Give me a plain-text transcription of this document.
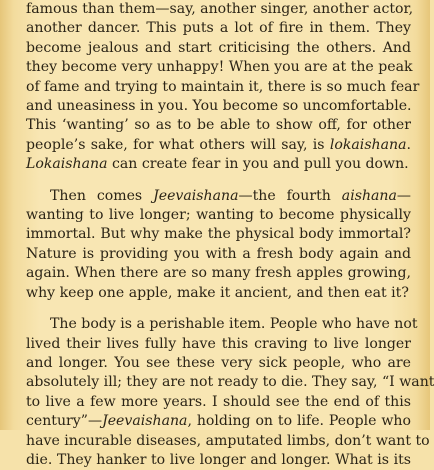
famous than them—say, another singer, another actor,
another dancer. This puts a lot of fire in them. They
become jealous and start criticising the others. And
they become very unhappy! When you are at the peak
of fame and trying to maintain it, there is so much fear
and uneasiness in you. You become so uncomfortable.
This ‘wanting’ so as to be able to show off, for other
people’s sake, for what others will say, is lokaishana.
Lokaishana can create fear in you and pull you down.
Then comes Jeevaishana—the fourth aishana—
wanting to live longer; wanting to become physically
immortal. But why make the physical body immortal?
Nature is providing you with a fresh body again and
again. When there are so many fresh apples growing,
why keep one apple, make it ancient, and then eat it?
The body is a perishable item. People who have not
lived their lives fully have this craving to live longer
and longer. You see these very sick people, who are
absolutely ill; they are not ready to die. They say, “I want
to live a few more years. I should see the end of this
century”—Jeevaishana, holding on to life. People who
have incurable diseases, amputated limbs, don’t want to
die. They hanker to live longer and longer. What is its
